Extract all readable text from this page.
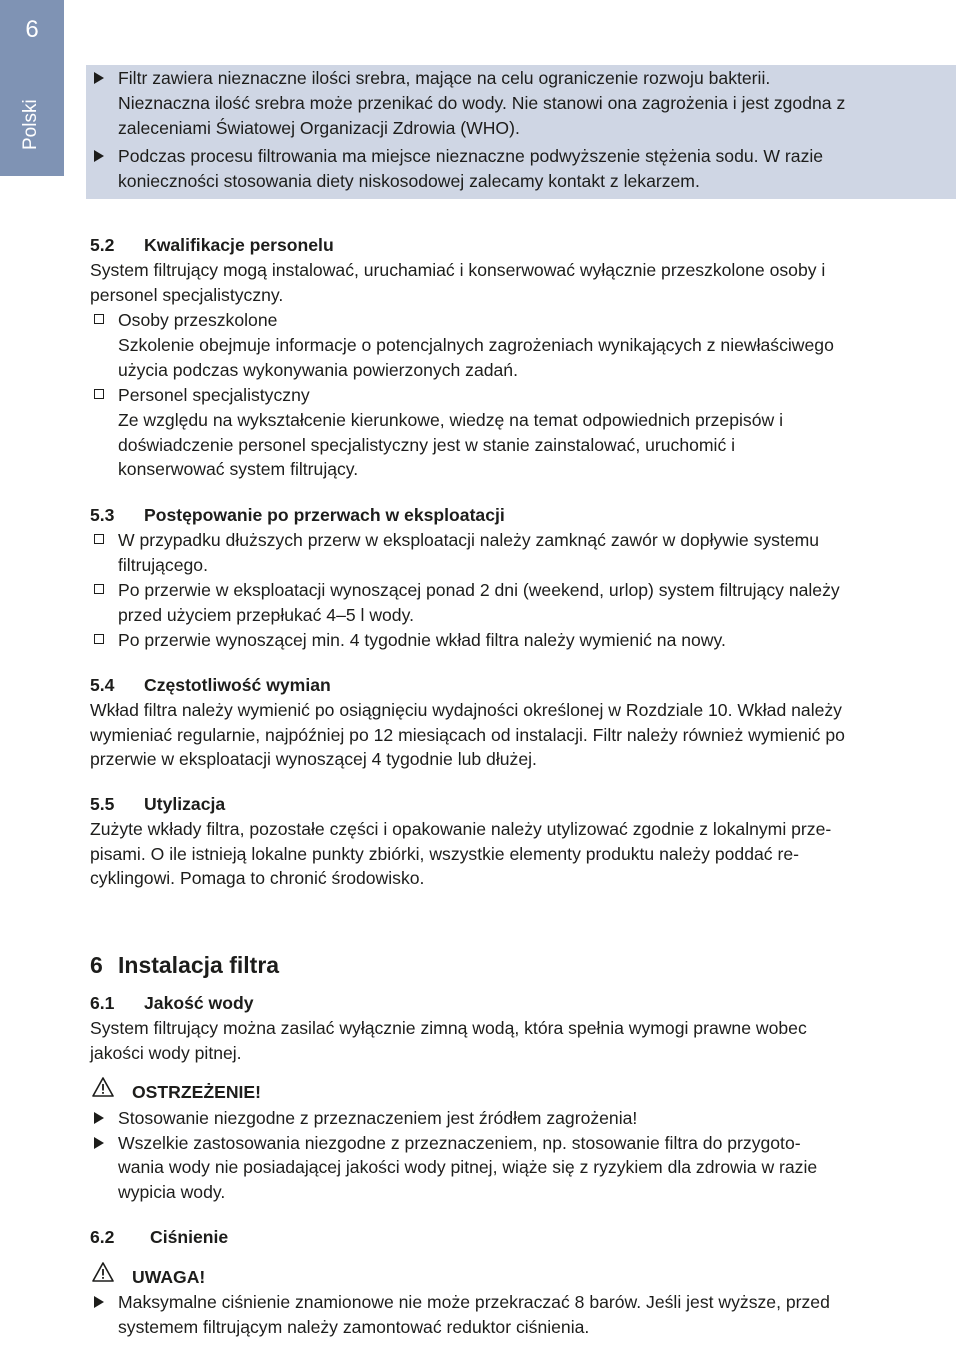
6
Polski
Filtr zawiera nieznaczne ilości srebra, mające na celu ograniczenie rozwoju bakterii.
Nieznaczna ilość srebra może przenikać do wody. Nie stanowi ona zagrożenia i jest zgodna z
zaleceniami Światowej Organizacji Zdrowia (WHO).
Podczas procesu filtrowania ma miejsce nieznaczne podwyższenie stężenia sodu. W razie
konieczności stosowania diety niskosodowej zalecamy kontakt z lekarzem.
5.2 Kwalifikacje personelu
System filtrujący mogą instalować, uruchamiać i konserwować wyłącznie przeszkolone osoby i
personel specjalistyczny.
Osoby przeszkolone
Szkolenie obejmuje informacje o potencjalnych zagrożeniach wynikających z niewłaściwego
użycia podczas wykonywania powierzonych zadań.
Personel specjalistyczny
Ze względu na wykształcenie kierunkowe, wiedzę na temat odpowiednich przepisów i
doświadczenie personel specjalistyczny jest w stanie zainstalować, uruchomić i
konserwować system filtrujący.
5.3 Postępowanie po przerwach w eksploatacji
W przypadku dłuższych przerw w eksploatacji należy zamknąć zawór w dopływie systemu
filtrującego.
Po przerwie w eksploatacji wynoszącej ponad 2 dni (weekend, urlop) system filtrujący należy
przed użyciem przepłukać 4–5 l wody.
Po przerwie wynoszącej min. 4 tygodnie wkład filtra należy wymienić na nowy.
5.4 Częstotliwość wymian
Wkład filtra należy wymienić po osiągnięciu wydajności określonej w Rozdziale 10. Wkład należy
wymieniać regularnie, najpóźniej po 12 miesiącach od instalacji. Filtr należy również wymienić po
przerwie w eksploatacji wynoszącej 4 tygodnie lub dłużej.
5.5 Utylizacja
Zużyte wkłady filtra, pozostałe części i opakowanie należy utylizować zgodnie z lokalnymi prze-
pisami. O ile istnieją lokalne punkty zbiórki, wszystkie elementy produktu należy poddać re-
cyklingowi. Pomaga to chronić środowisko.
6 Instalacja filtra
6.1 Jakość wody
System filtrujący można zasilać wyłącznie zimną wodą, która spełnia wymogi prawne wobec
jakości wody pitnej.
OSTRZEŻENIE!
Stosowanie niezgodne z przeznaczeniem jest źródłem zagrożenia!
Wszelkie zastosowania niezgodne z przeznaczeniem, np. stosowanie filtra do przygoto-
wania wody nie posiadającej jakości wody pitnej, wiąże się z ryzykiem dla zdrowia w razie
wypicia wody.
6.2 Ciśnienie
UWAGA!
Maksymalne ciśnienie znamionowe nie może przekraczać 8 barów. Jeśli jest wyższe, przed
systemem filtrującym należy zamontować reduktor ciśnienia.
